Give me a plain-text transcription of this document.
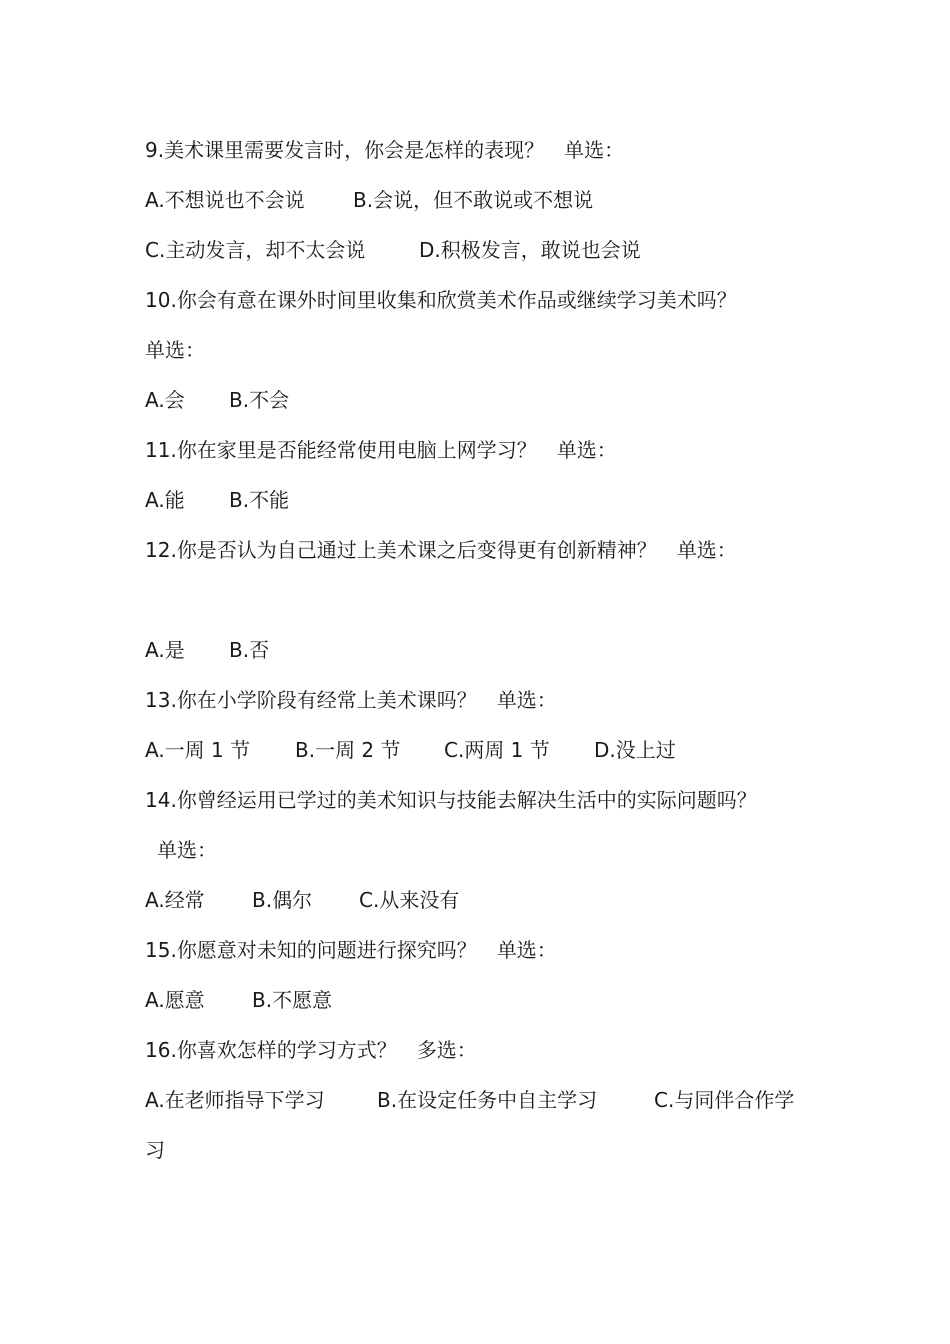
9.美术课里需要发言时，你会是怎样的表现？ 单选：
A.不想说也不会说 B.会说，但不敢说或不想说
C.主动发言，却不太会说	D.积极发言，敢说也会说
10.你会有意在课外时间里收集和欣赏美术作品或继续学习美术吗？
单选：
A.会 B.不会
11.你在家里是否能经常使用电脑上网学习？ 单选：
A.能 B.不能
12.你是否认为自己通过上美术课之后变得更有创新精神？ 单选：
A.是 B.否
13.你在小学阶段有经常上美术课吗？ 单选：
A.一周 1 节 B.一周 2 节 C.两周 1 节 D.没上过
14.你曾经运用已学过的美术知识与技能去解决生活中的实际问题吗？
单选：
A.经常 B.偶尔 C.从来没有
15.你愿意对未知的问题进行探究吗？ 单选：
A.愿意 B.不愿意
16.你喜欢怎样的学习方式？ 多选：
A.在老师指导下学习	B.在设定任务中自主学习	C.与同伴合作学
习
